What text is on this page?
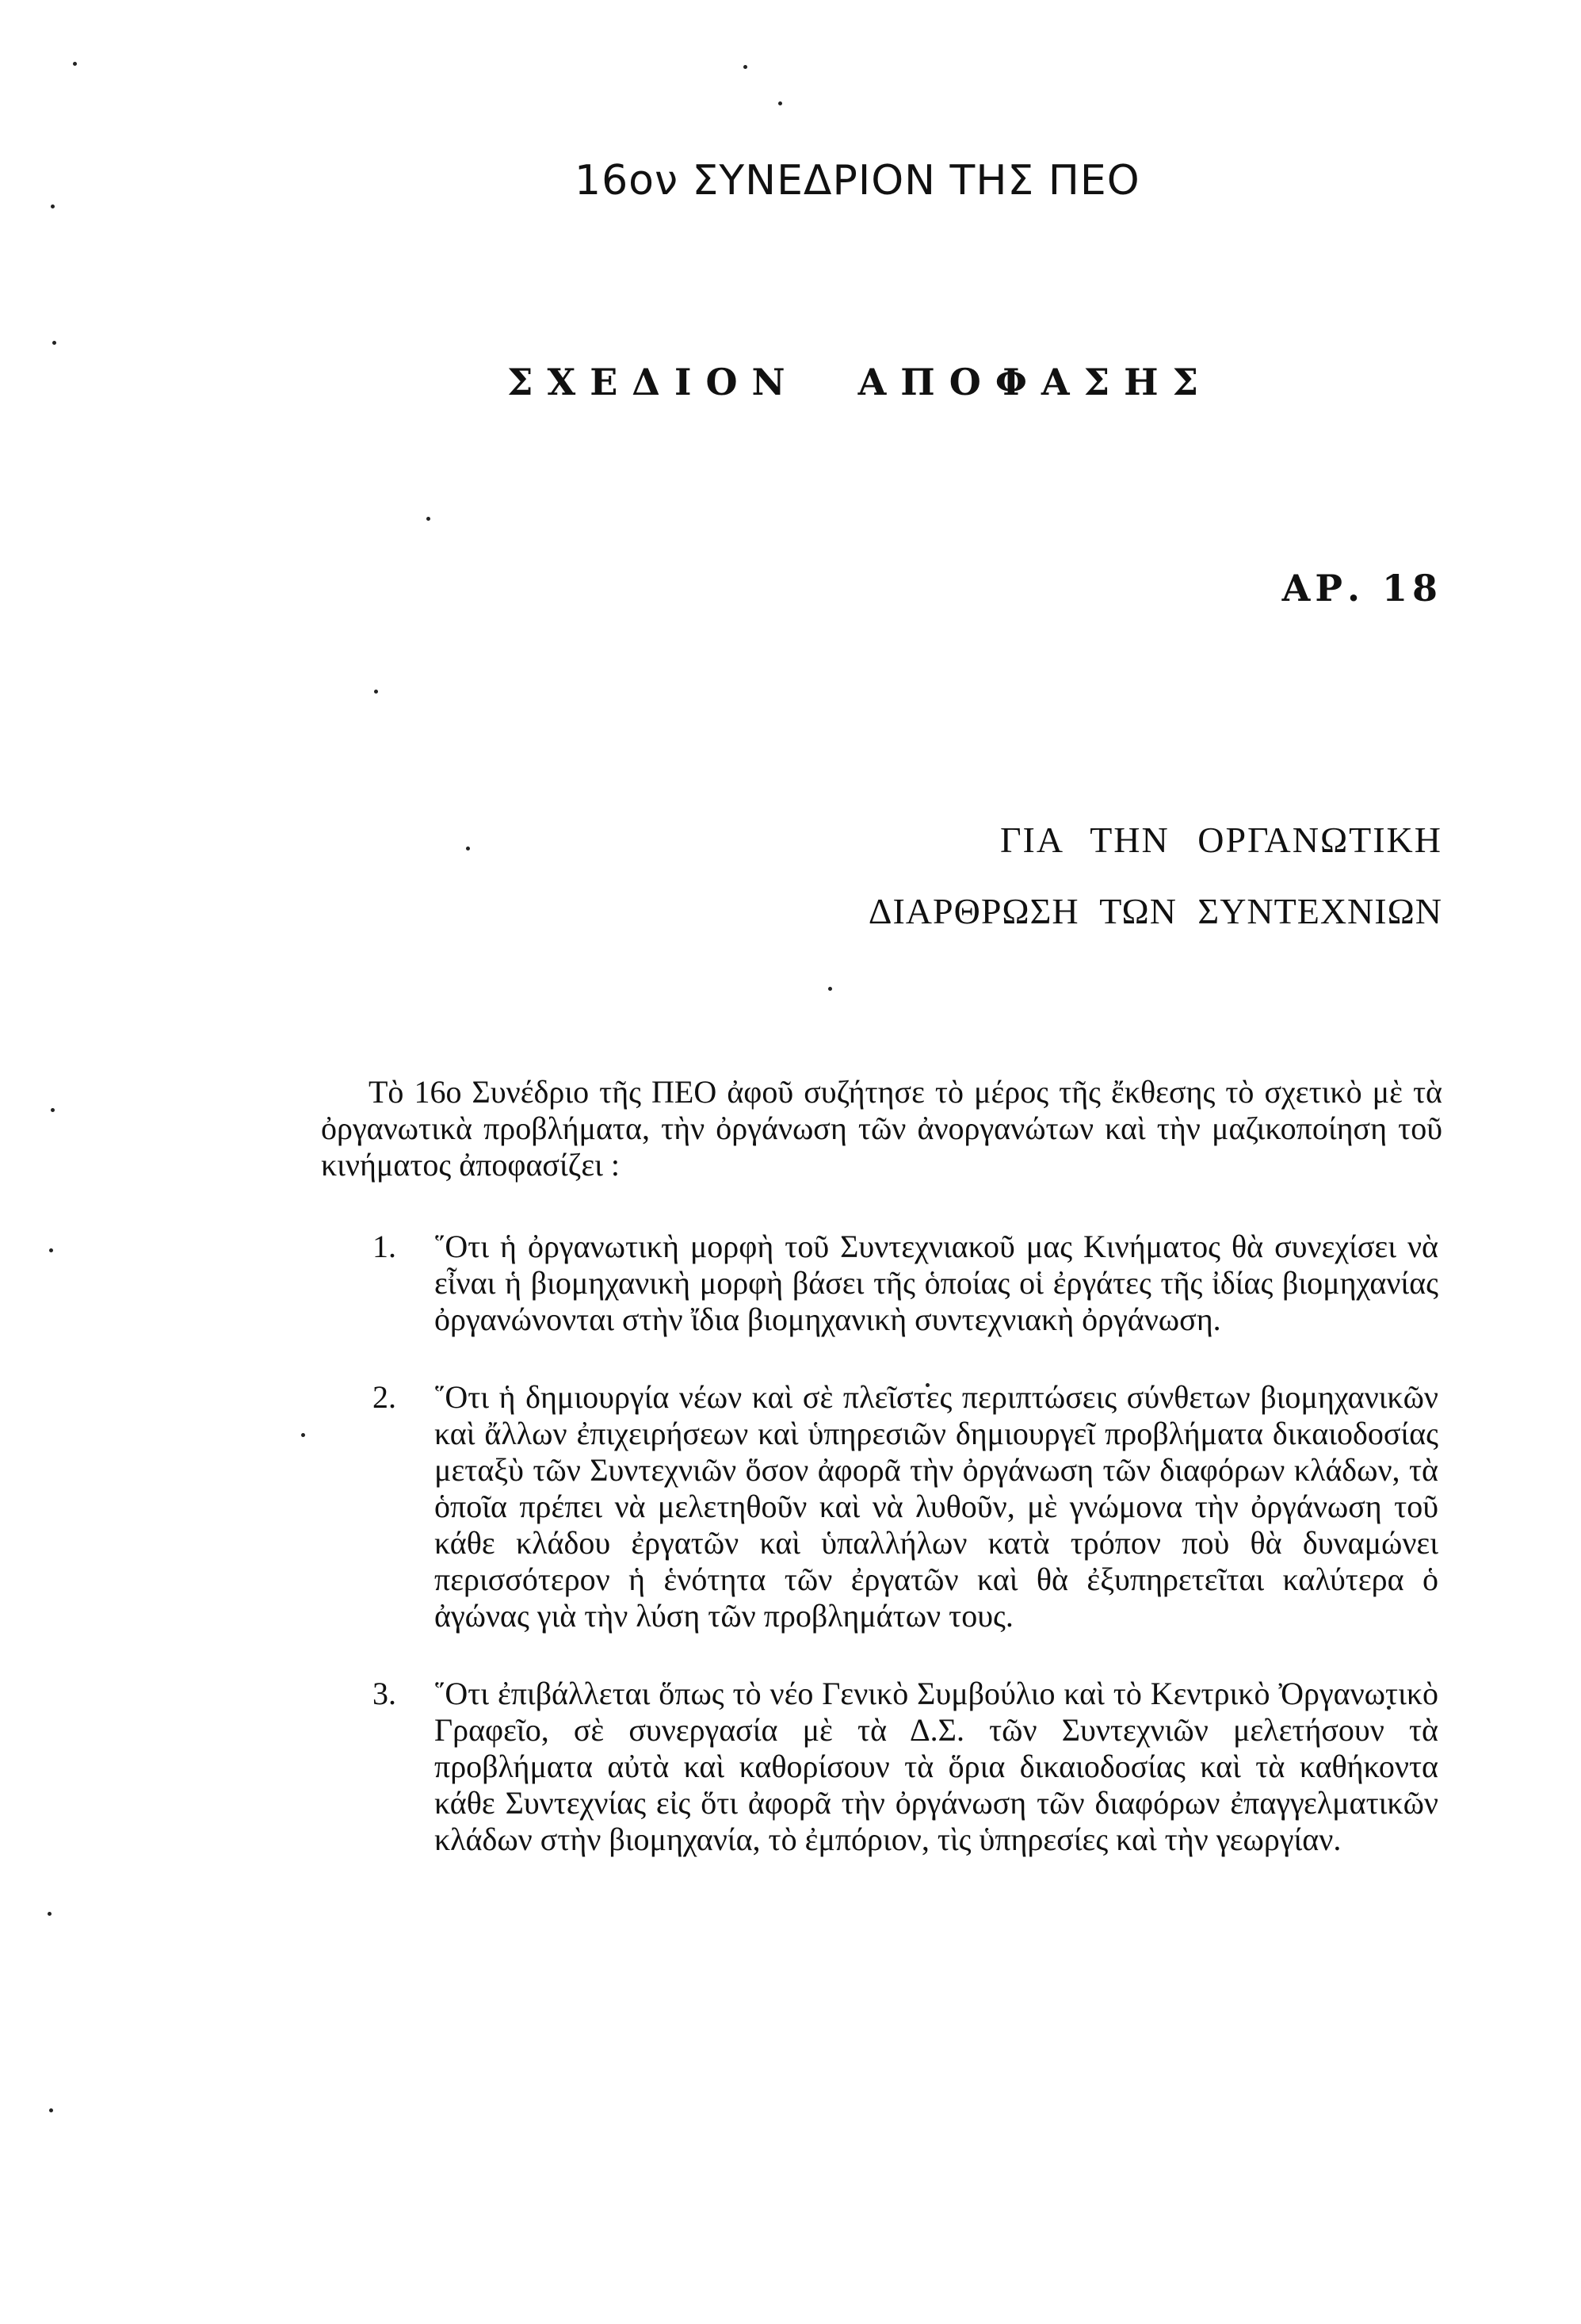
16ον ΣΥΝΕΔΡΙΟΝ ΤΗΣ ΠΕΟ
ΣΧΕΔΙΟΝ ΑΠΟΦΑΣΗΣ
ΑΡ. 18
ΓΙΑ ΤΗΝ ΟΡΓΑΝΩΤΙΚΗ
ΔΙΑΡΘΡΩΣΗ ΤΩΝ ΣΥΝΤΕΧΝΙΩΝ
Τὸ 16ο Συνέδριο τῆς ΠΕΟ ἀφοῦ συζήτησε τὸ μέρος τῆς ἔκθεσης τὸ σχετικὸ μὲ τὰ ὀργανωτικὰ προβλήματα, τὴν ὀργάνωση τῶν ἀνοργανώτων καὶ τὴν μαζικοποίηση τοῦ κινήματος ἀποφασίζει :
1.	῞Οτι ἡ ὀργανωτικὴ μορφὴ τοῦ Συντεχνιακοῦ μας Κινήματος θὰ συνεχίσει νὰ εἶναι ἡ βιομηχανικὴ μορφὴ βάσει τῆς ὁποίας οἱ ἐργάτες τῆς ἰδίας βιομηχανίας ὀργανώνονται στὴν ἴδια βιομηχανικὴ συντεχνιακὴ ὀργάνωση.
2.	῞Οτι ἡ δημιουργία νέων καὶ σὲ πλεῖστες περιπτώσεις σύνθετων βιομηχανικῶν καὶ ἄλλων ἐπιχειρήσεων καὶ ὑπηρεσιῶν δημιουργεῖ προβλήματα δικαιοδοσίας μεταξὺ τῶν Συντεχνιῶν ὅσον ἀφορᾶ τὴν ὀργάνωση τῶν διαφόρων κλάδων, τὰ ὁποῖα πρέπει νὰ μελετηθοῦν καὶ νὰ λυθοῦν, μὲ γνώμονα τὴν ὀργάνωση τοῦ κάθε κλάδου ἐργατῶν καὶ ὑπαλλήλων κατὰ τρόπον ποὺ θὰ δυναμώνει περισσότερον ἡ ἑνότητα τῶν ἐργατῶν καὶ θὰ ἐξυπηρετεῖται καλύτερα ὁ ἀγώνας γιὰ τὴν λύση τῶν προβλημάτων τους.
3.	῞Οτι ἐπιβάλλεται ὅπως τὸ νέο Γενικὸ Συμβούλιο καὶ τὸ Κεντρικὸ Ὀργανωτικὸ Γραφεῖο, σὲ συνεργασία μὲ τὰ Δ.Σ. τῶν Συντεχνιῶν μελετήσουν τὰ προβλήματα αὐτὰ καὶ καθορίσουν τὰ ὅρια δικαιοδοσίας καὶ τὰ καθήκοντα κάθε Συντεχνίας εἰς ὅτι ἀφορᾶ τὴν ὀργάνωση τῶν διαφόρων ἐπαγγελματικῶν κλάδων στὴν βιομηχανία, τὸ ἐμπόριον, τὶς ὑπηρεσίες καὶ τὴν γεωργίαν.
